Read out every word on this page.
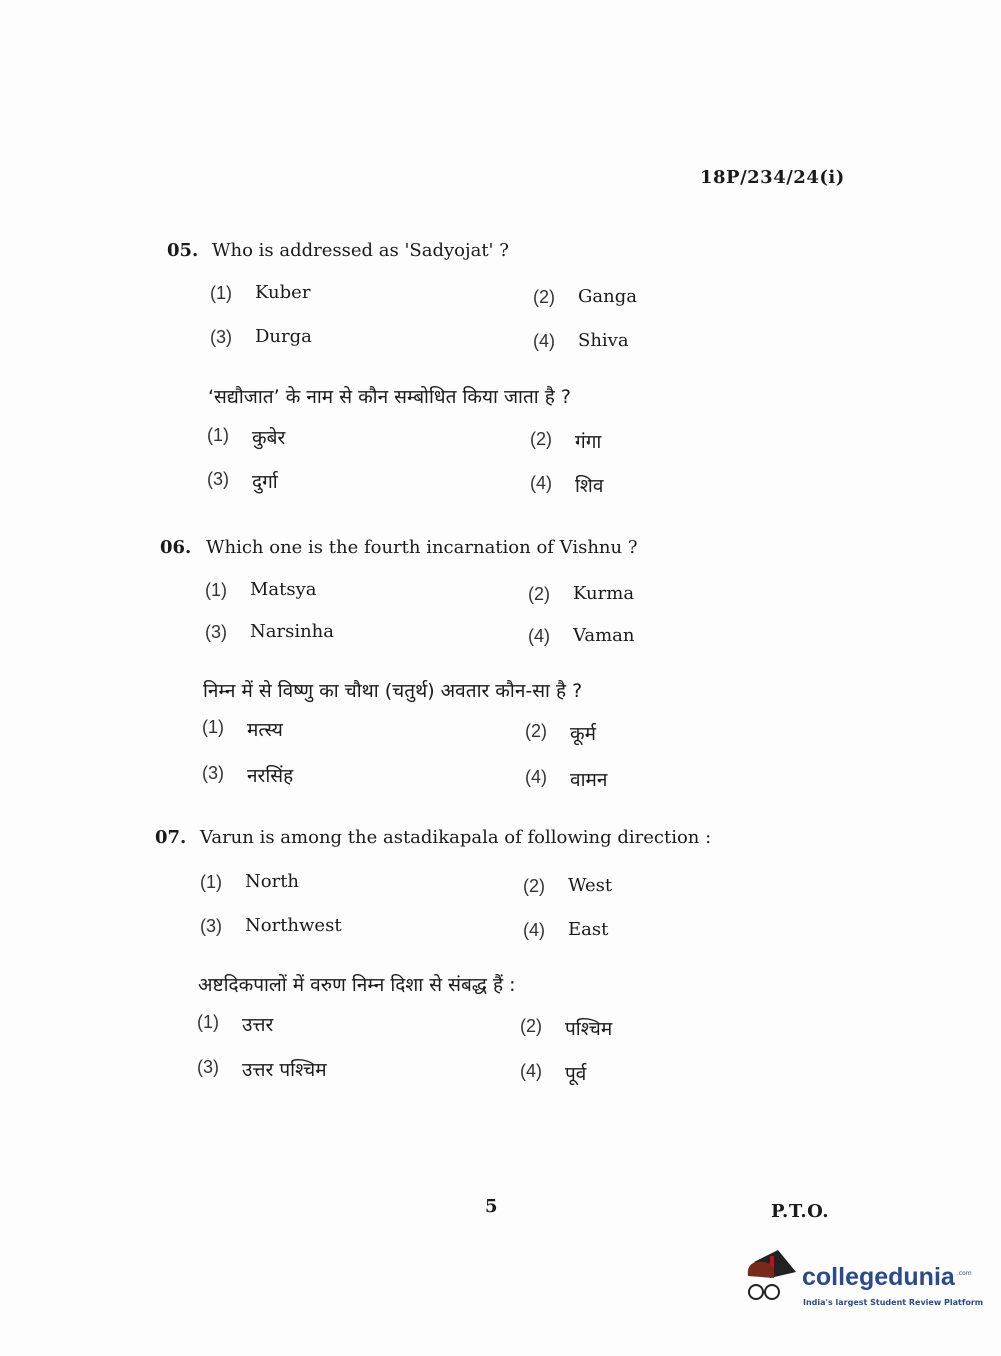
18P/234/24(i)
05. Who is addressed as 'Sadyojat' ?
(1) Kuber	(2) Ganga
(3) Durga	(4) Shiva
(1) कुबेर	(2) गंगा
(3) दुर्गा	(4) शिव
‘सद्यौजात’ के नाम से कौन सम्बोधित किया जाता है ?
06. Which one is the fourth incarnation of Vishnu ?
(1) Matsya	(2) Kurma
(3) Narsinha	(4) Vaman
(1) मत्स्य	(2) कूर्म
(3) नरसिंह	(4) वामन
निम्न में से विष्णु का चौथा (चतुर्थ) अवतार कौन-सा है ?
07. Varun is among the astadikapala of following direction :
(1) North	(2) West
(3) Northwest	(4) East
(1) उत्तर	(2) पश्चिम
(3) उत्तर पश्चिम	(4) पूर्व
अष्टदिकपालों में वरुण निम्न दिशा से संबद्ध हैं :
5	P.T.O.
collegedunia .com
India's largest Student Review Platform
